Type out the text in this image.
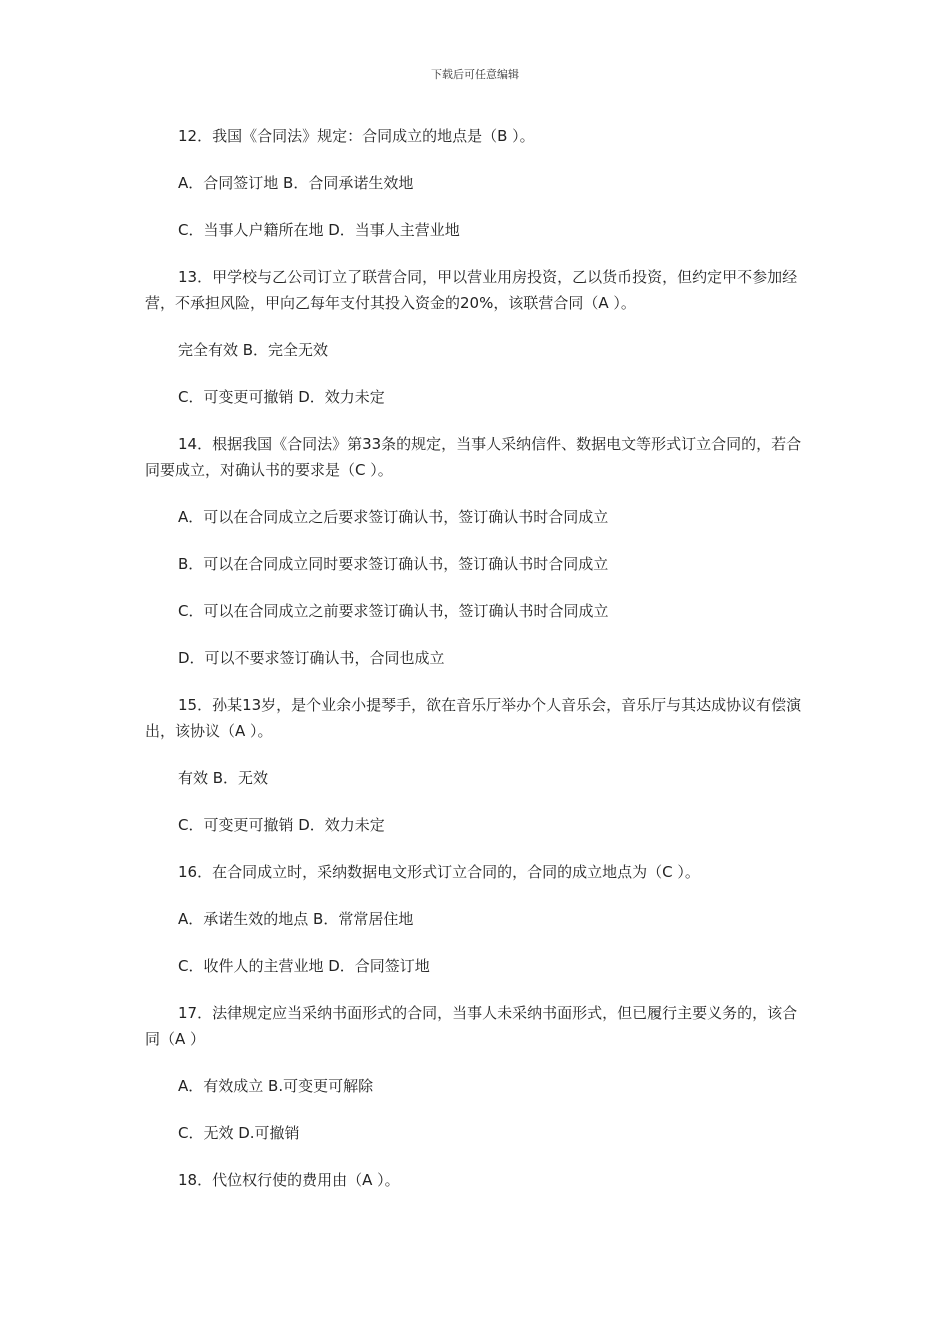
下载后可任意编辑
12．我国《合同法》规定：合同成立的地点是（B ）。
A．合同签订地 B．合同承诺生效地
C．当事人户籍所在地 D．当事人主营业地
13．甲学校与乙公司订立了联营合同，甲以营业用房投资，乙以货币投资，但约定甲不参加经营，不承担风险，甲向乙每年支付其投入资金的20%，该联营合同（A ）。
完全有效 B．完全无效
C．可变更可撤销 D．效力未定
14．根据我国《合同法》第33条的规定，当事人采纳信件、数据电文等形式订立合同的，若合同要成立，对确认书的要求是（C ）。
A．可以在合同成立之后要求签订确认书，签订确认书时合同成立
B．可以在合同成立同时要求签订确认书，签订确认书时合同成立
C．可以在合同成立之前要求签订确认书，签订确认书时合同成立
D．可以不要求签订确认书，合同也成立
15．孙某13岁，是个业余小提琴手，欲在音乐厅举办个人音乐会，音乐厅与其达成协议有偿演出，该协议（A ）。
有效 B．无效
C．可变更可撤销 D．效力未定
16．在合同成立时，采纳数据电文形式订立合同的，合同的成立地点为（C ）。
A．承诺生效的地点 B．常常居住地
C．收件人的主营业地 D．合同签订地
17．法律规定应当采纳书面形式的合同，当事人未采纳书面形式，但已履行主要义务的，该合同（A ）
A．有效成立 B.可变更可解除
C．无效 D.可撤销
18．代位权行使的费用由（A ）。
